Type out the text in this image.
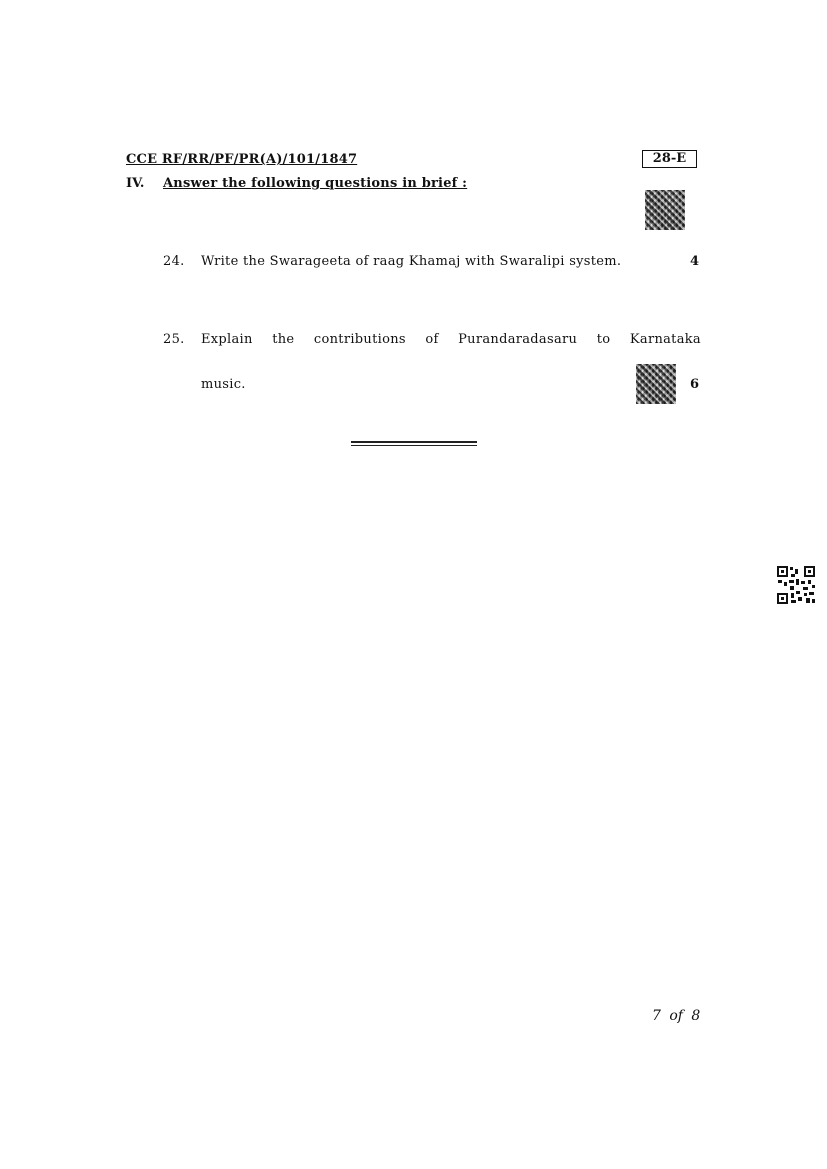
CCE RF/RR/PF/PR(A)/101/1847	28-E
IV. Answer the following questions in brief :
24. Write the Swarageeta of raag Khamaj with Swaralipi system.	4
25. Explain the contributions of Purandaradasaru to Karnataka
music.	6
7 of 8
